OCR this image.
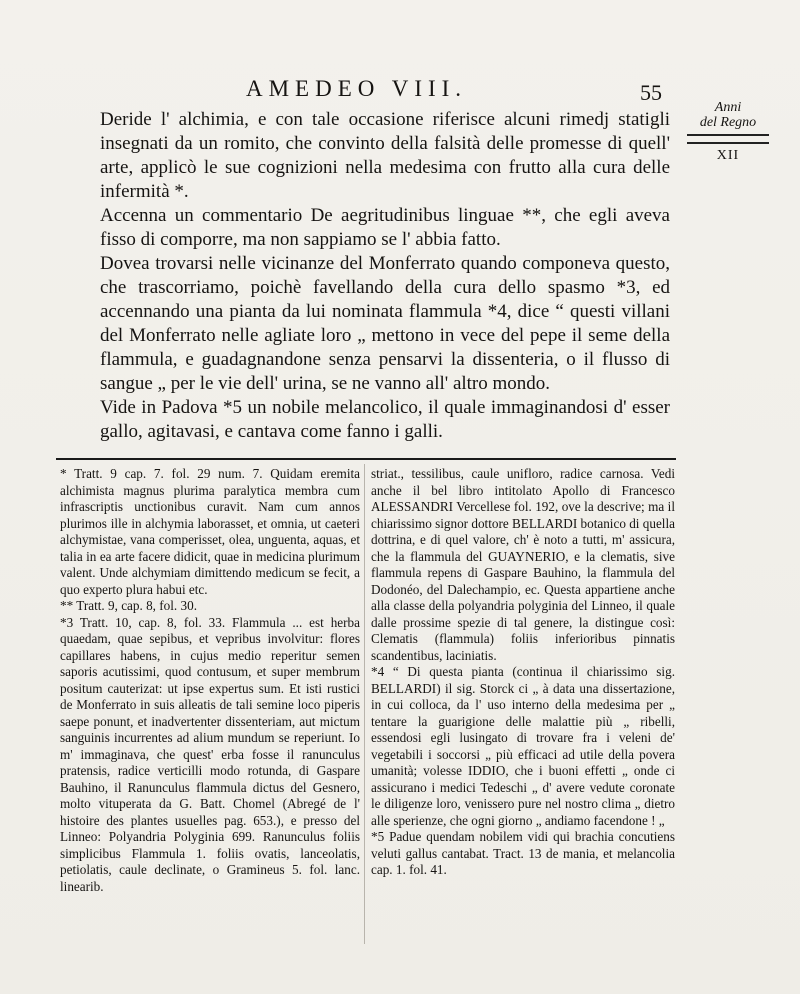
AMEDEO VIII.	55
Anni
del Regno
XII

Deride l' alchimia, e con tale occasione riferisce alcuni rimedj statigli insegnati da un romito, che convinto della falsità delle promesse di quell' arte, applicò le sue cognizioni nella medesima con frutto alla cura delle infermità *.

Accenna un commentario De aegritudinibus linguae **, che egli aveva fisso di comporre, ma non sappiamo se l' abbia fatto.

Dovea trovarsi nelle vicinanze del Monferrato quando componeva questo, che trascorriamo, poichè favellando della cura dello spasmo *3, ed accennando una pianta da lui nominata flammula *4, dice “ questi villani del Monferrato nelle agliate loro „ mettono in vece del pepe il seme della flammula, e guadagnandone senza pensarvi la dissenteria, o il flusso di sangue „ per le vie dell' urina, se ne vanno all' altro mondo.

Vide in Padova *5 un nobile melancolico, il quale immaginandosi d' esser gallo, agitavasi, e cantava come fanno i galli.

* Tratt. 9 cap. 7. fol. 29 num. 7. Quidam eremita alchimista magnus plurima paralytica membra cum infrascriptis unctionibus curavit. Nam cum annos plurimos ille in alchymia laborasset, et omnia, ut caeteri alchymistae, vana comperisset, olea, unguenta, aquas, et talia in ea arte facere didicit, quae in medicina plurimum valent. Unde alchymiam dimittendo medicum se fecit, a quo experto plura habui etc.

** Tratt. 9, cap. 8, fol. 30.

*3 Tratt. 10, cap. 8, fol. 33. Flammula ... est herba quaedam, quae sepibus, et vepribus involvitur: flores capillares habens, in cujus medio reperitur semen saporis acutissimi, quod contusum, et super membrum positum cauterizat: ut ipse expertus sum. Et isti rustici de Monferrato in suis alleatis de tali semine loco piperis saepe ponunt, et inadvertenter dissenteriam, aut mictum sanguinis incurrentes ad alium mundum se reperiunt. Io m' immaginava, che quest' erba fosse il ranunculus pratensis, radice verticilli modo rotunda, di Gaspare Bauhino, il Ranunculus flammula dictus del Gesnero, molto vituperata da G. Batt. Chomel (Abregé de l' histoire des plantes usuelles pag. 653.), e presso del Linneo: Polyandria Polyginia 699. Ranunculus foliis simplicibus Flammula 1. foliis ovatis, lanceolatis, petiolatis, caule declinate, o Gramineus 5. fol. lanc. linearib.

striat., tessilibus, caule unifloro, radice carnosa. Vedi anche il bel libro intitolato Apollo di Francesco ALESSANDRI Vercellese fol. 192, ove la descrive; ma il chiarissimo signor dottore BELLARDI botanico di quella dottrina, e di quel valore, ch' è noto a tutti, m' assicura, che la flammula del GUAYNERIO, e la clematis, sive flammula repens di Gaspare Bauhino, la flammula del Dodonéo, del Dalechampio, ec. Questa appartiene anche alla classe della polyandria polyginia del Linneo, il quale dalle prossime spezie di tal genere, la distingue così: Clematis (flammula) foliis inferioribus pinnatis scandentibus, laciniatis.

*4 “ Di questa pianta (continua il chiarissimo sig. BELLARDI) il sig. Storck ci „ à data una dissertazione, in cui colloca, da l' uso interno della medesima per „ tentare la guarigione delle malattie più „ ribelli, essendosi egli lusingato di trovare fra i veleni de' vegetabili i soccorsi „ più efficaci ad utile della povera umanità; volesse IDDIO, che i buoni effetti „ onde ci assicurano i medici Tedeschi „ d' avere vedute coronate le diligenze loro, venissero pure nel nostro clima „ dietro alle sperienze, che ogni giorno „ andiamo facendone ! „

*5 Padue quendam nobilem vidi qui brachia concutiens veluti gallus cantabat. Tract. 13 de mania, et melancolia cap. 1. fol. 41.
